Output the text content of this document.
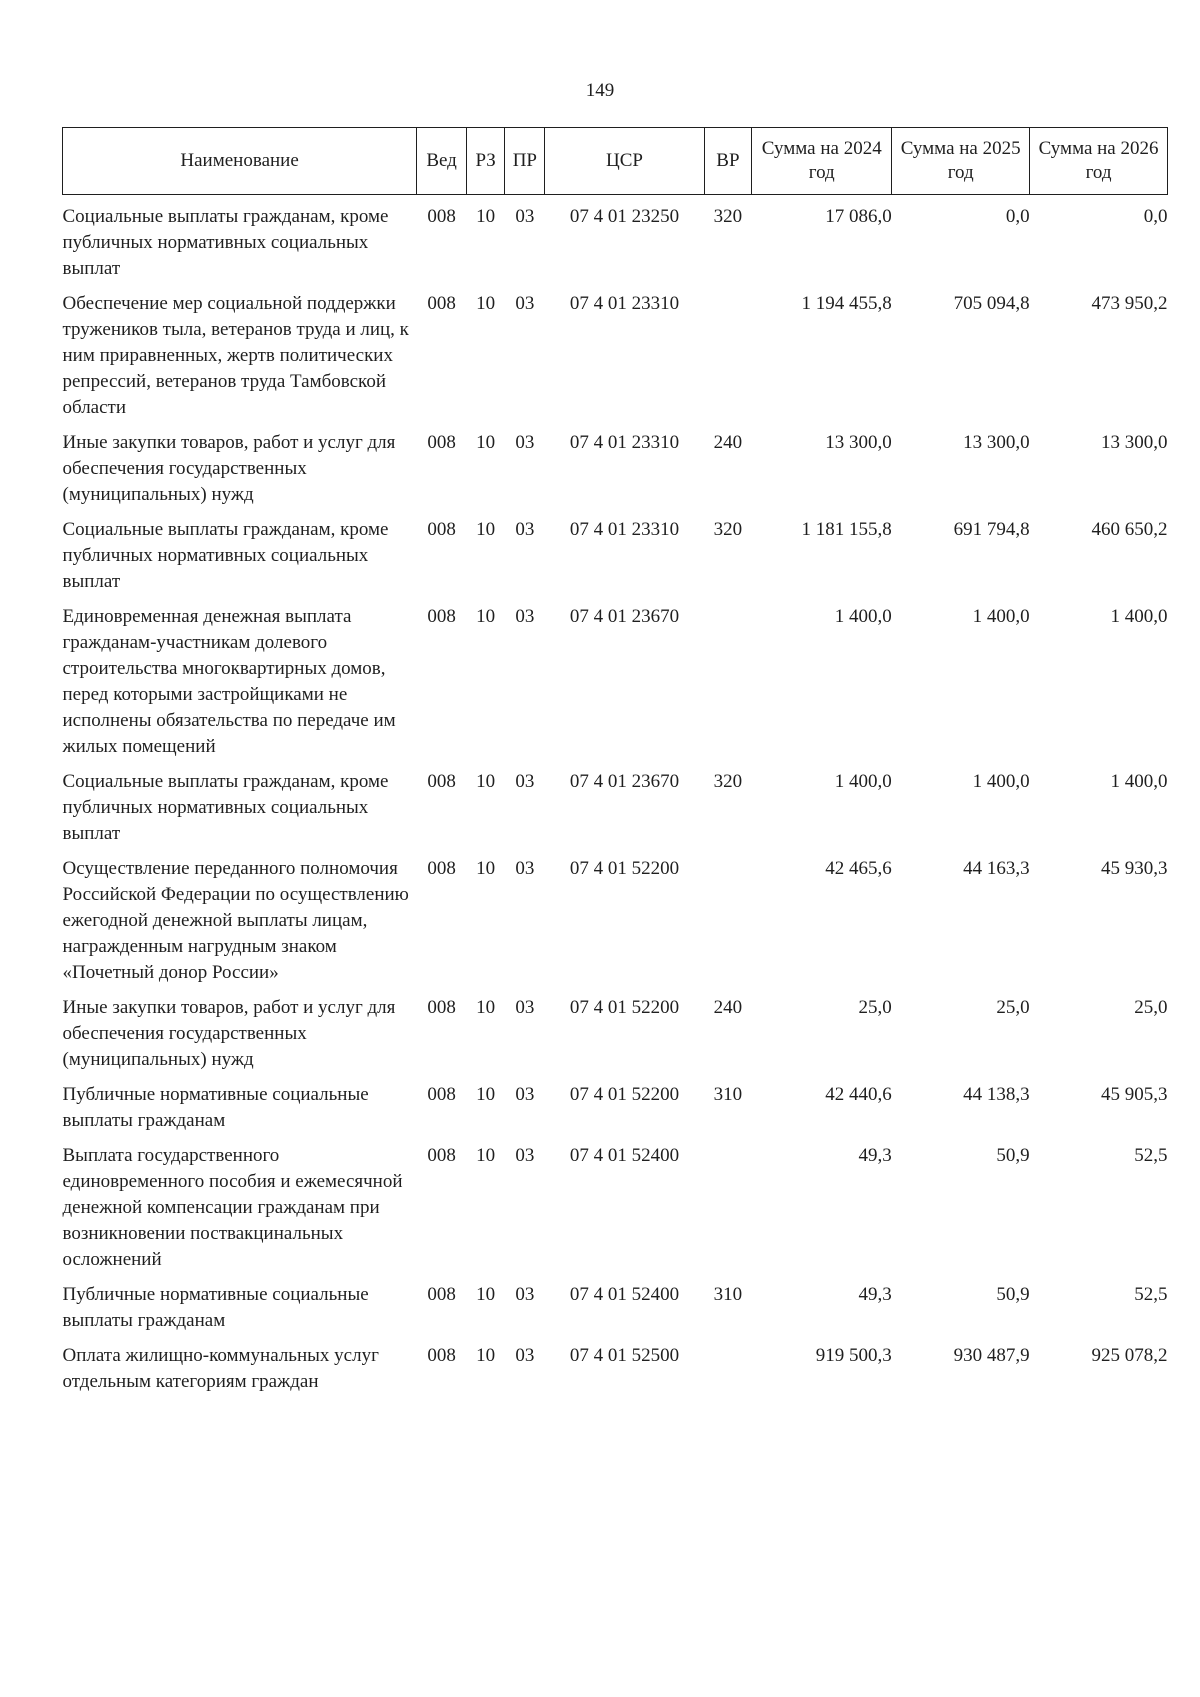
149
Наименование	Вед	РЗ	ПР	ЦСР	ВР	Сумма на 2024 год	Сумма на 2025 год	Сумма на 2026 год
Социальные выплаты гражданам, кроме публичных нормативных социальных выплат	008	10	03	07 4 01 23250	320	17 086,0	0,0	0,0
Обеспечение мер социальной поддержки тружеников тыла, ветеранов труда и лиц, к ним приравненных, жертв политических репрессий, ветеранов труда Тамбовской области	008	10	03	07 4 01 23310		1 194 455,8	705 094,8	473 950,2
Иные закупки товаров, работ и услуг для обеспечения государственных (муниципальных) нужд	008	10	03	07 4 01 23310	240	13 300,0	13 300,0	13 300,0
Социальные выплаты гражданам, кроме публичных нормативных социальных выплат	008	10	03	07 4 01 23310	320	1 181 155,8	691 794,8	460 650,2
Единовременная денежная выплата гражданам-участникам долевого строительства многоквартирных домов, перед которыми застройщиками не исполнены обязательства по передаче им жилых помещений	008	10	03	07 4 01 23670		1 400,0	1 400,0	1 400,0
Социальные выплаты гражданам, кроме публичных нормативных социальных выплат	008	10	03	07 4 01 23670	320	1 400,0	1 400,0	1 400,0
Осуществление переданного полномочия Российской Федерации по осуществлению ежегодной денежной выплаты лицам, награжденным нагрудным знаком «Почетный донор России»	008	10	03	07 4 01 52200		42 465,6	44 163,3	45 930,3
Иные закупки товаров, работ и услуг для обеспечения государственных (муниципальных) нужд	008	10	03	07 4 01 52200	240	25,0	25,0	25,0
Публичные нормативные социальные выплаты гражданам	008	10	03	07 4 01 52200	310	42 440,6	44 138,3	45 905,3
Выплата государственного единовременного пособия и ежемесячной денежной компенсации гражданам при возникновении поствакцинальных осложнений	008	10	03	07 4 01 52400		49,3	50,9	52,5
Публичные нормативные социальные выплаты гражданам	008	10	03	07 4 01 52400	310	49,3	50,9	52,5
Оплата жилищно-коммунальных услуг отдельным категориям граждан	008	10	03	07 4 01 52500		919 500,3	930 487,9	925 078,2
